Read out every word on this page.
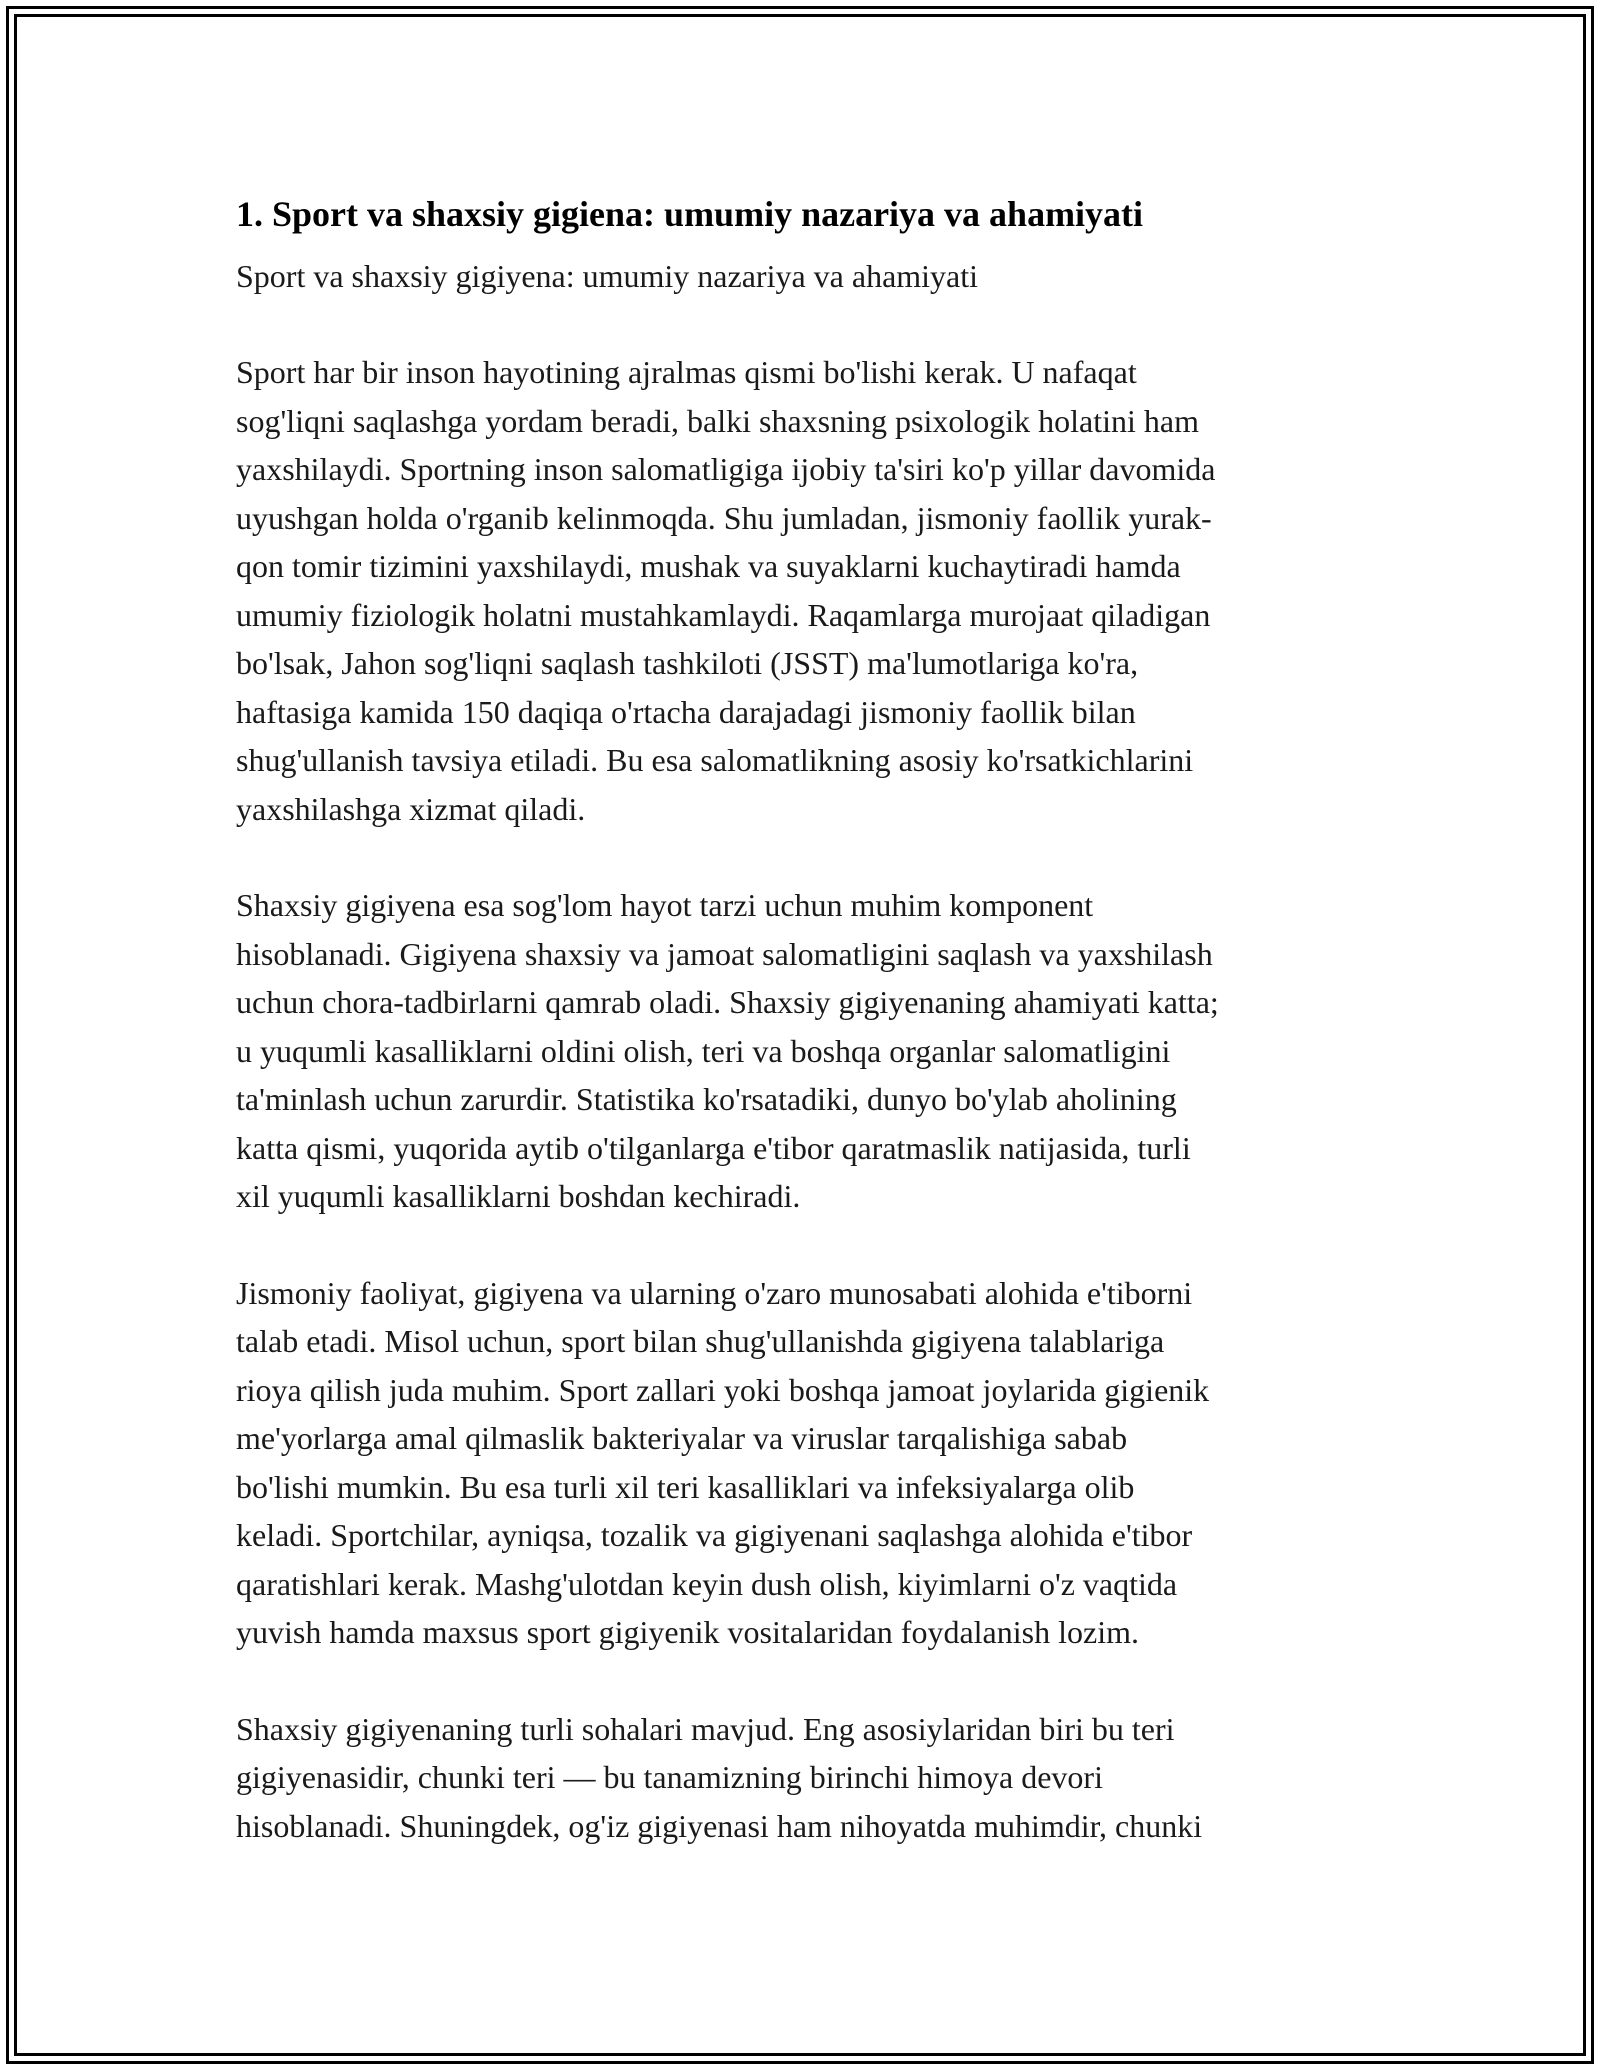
1. Sport va shaxsiy gigiena: umumiy nazariya va ahamiyati

Sport va shaxsiy gigiyena: umumiy nazariya va ahamiyati

Sport har bir inson hayotining ajralmas qismi bo'lishi kerak. U nafaqat
sog'liqni saqlashga yordam beradi, balki shaxsning psixologik holatini ham
yaxshilaydi. Sportning inson salomatligiga ijobiy ta'siri ko'p yillar davomida
uyushgan holda o'rganib kelinmoqda. Shu jumladan, jismoniy faollik yurak-
qon tomir tizimini yaxshilaydi, mushak va suyaklarni kuchaytiradi hamda
umumiy fiziologik holatni mustahkamlaydi. Raqamlarga murojaat qiladigan
bo'lsak, Jahon sog'liqni saqlash tashkiloti (JSST) ma'lumotlariga ko'ra,
haftasiga kamida 150 daqiqa o'rtacha darajadagi jismoniy faollik bilan
shug'ullanish tavsiya etiladi. Bu esa salomatlikning asosiy ko'rsatkichlarini
yaxshilashga xizmat qiladi.

Shaxsiy gigiyena esa sog'lom hayot tarzi uchun muhim komponent
hisoblanadi. Gigiyena shaxsiy va jamoat salomatligini saqlash va yaxshilash
uchun chora-tadbirlarni qamrab oladi. Shaxsiy gigiyenaning ahamiyati katta;
u yuqumli kasalliklarni oldini olish, teri va boshqa organlar salomatligini
ta'minlash uchun zarurdir. Statistika ko'rsatadiki, dunyo bo'ylab aholining
katta qismi, yuqorida aytib o'tilganlarga e'tibor qaratmaslik natijasida, turli
xil yuqumli kasalliklarni boshdan kechiradi.

Jismoniy faoliyat, gigiyena va ularning o'zaro munosabati alohida e'tiborni
talab etadi. Misol uchun, sport bilan shug'ullanishda gigiyena talablariga
rioya qilish juda muhim. Sport zallari yoki boshqa jamoat joylarida gigienik
me'yorlarga amal qilmaslik bakteriyalar va viruslar tarqalishiga sabab
bo'lishi mumkin. Bu esa turli xil teri kasalliklari va infeksiyalarga olib
keladi. Sportchilar, ayniqsa, tozalik va gigiyenani saqlashga alohida e'tibor
qaratishlari kerak. Mashg'ulotdan keyin dush olish, kiyimlarni o'z vaqtida
yuvish hamda maxsus sport gigiyenik vositalaridan foydalanish lozim.

Shaxsiy gigiyenaning turli sohalari mavjud. Eng asosiylaridan biri bu teri
gigiyenasidir, chunki teri — bu tanamizning birinchi himoya devori
hisoblanadi. Shuningdek, og'iz gigiyenasi ham nihoyatda muhimdir, chunki
